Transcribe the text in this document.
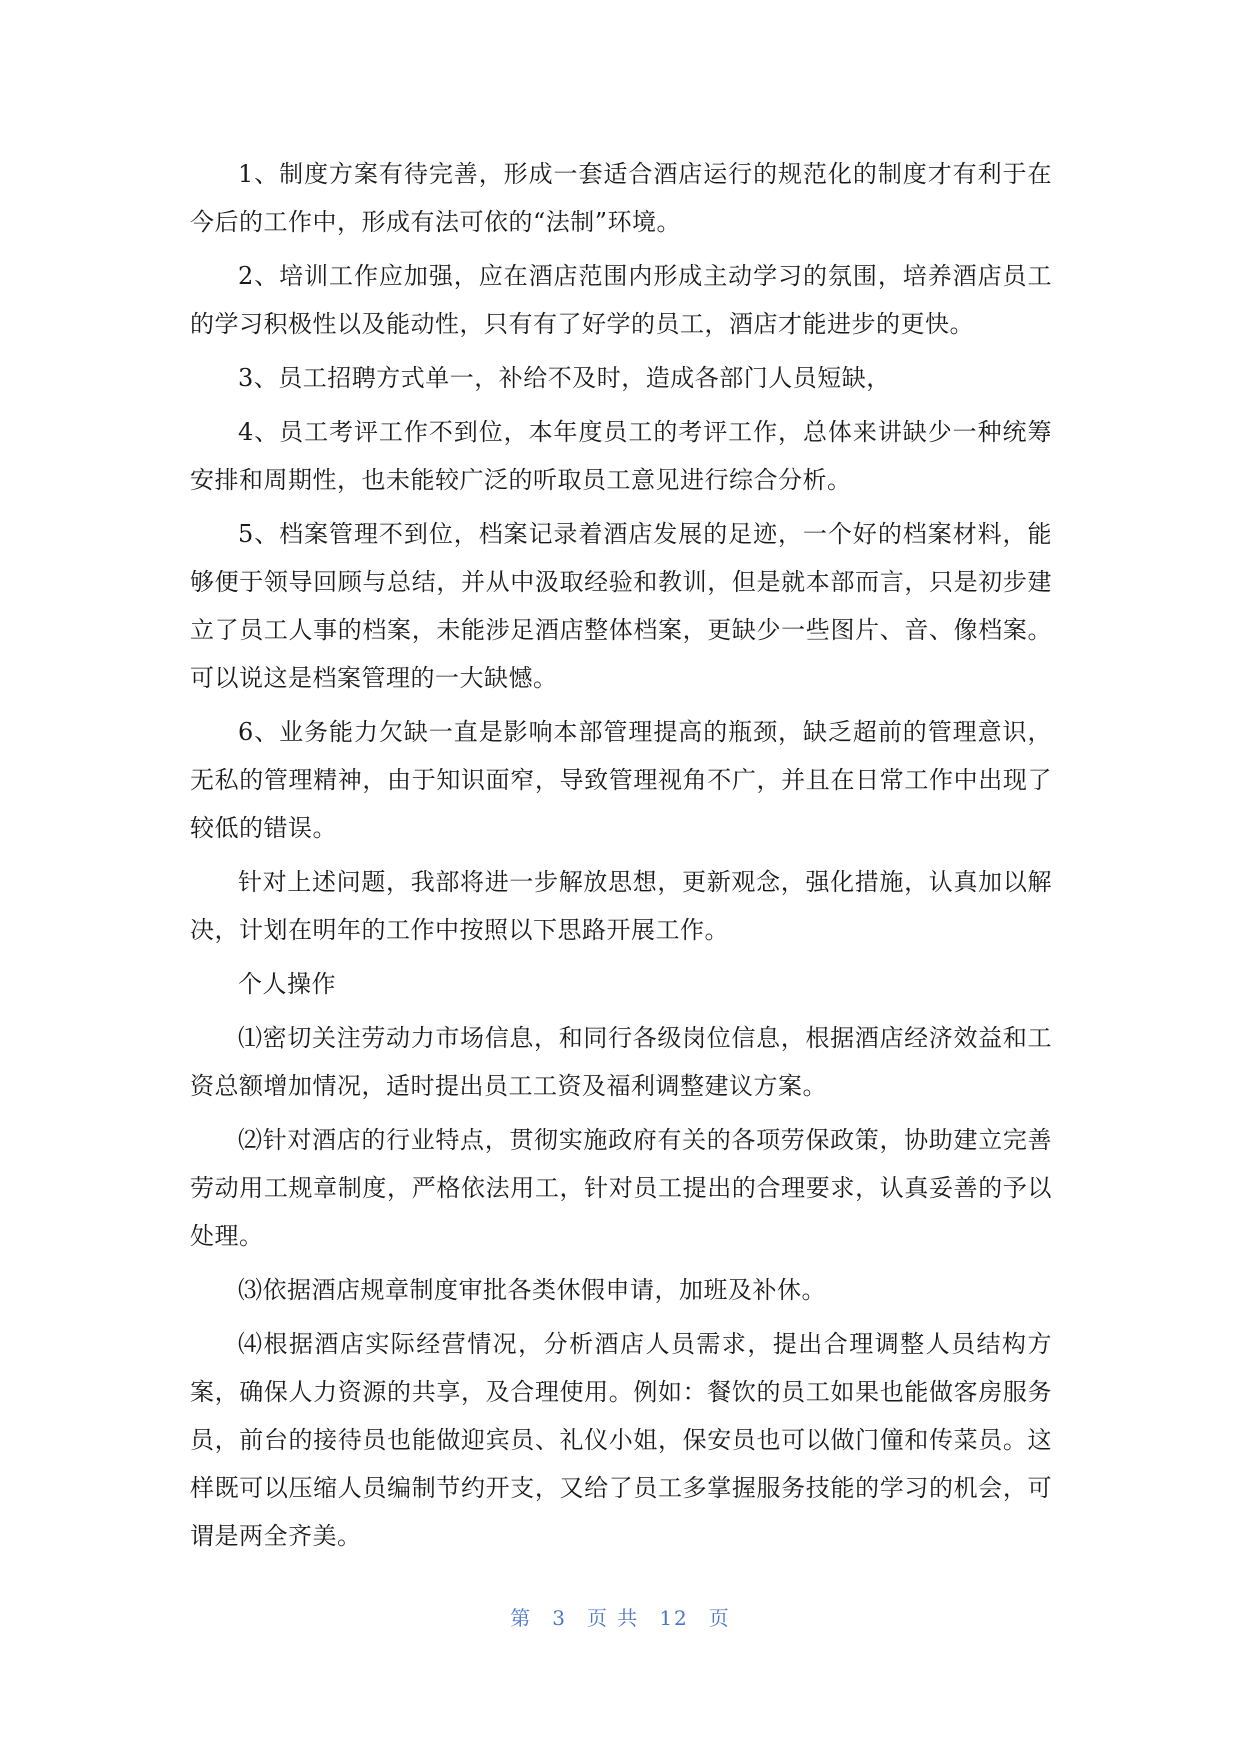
1、制度方案有待完善，形成一套适合酒店运行的规范化的制度才有利于在今后的工作中，形成有法可依的“法制”环境。

2、培训工作应加强，应在酒店范围内形成主动学习的氛围，培养酒店员工的学习积极性以及能动性，只有有了好学的员工，酒店才能进步的更快。

3、员工招聘方式单一，补给不及时，造成各部门人员短缺，

4、员工考评工作不到位，本年度员工的考评工作，总体来讲缺少一种统筹安排和周期性，也未能较广泛的听取员工意见进行综合分析。

5、档案管理不到位，档案记录着酒店发展的足迹，一个好的档案材料，能够便于领导回顾与总结，并从中汲取经验和教训，但是就本部而言，只是初步建立了员工人事的档案，未能涉足酒店整体档案，更缺少一些图片、音、像档案。可以说这是档案管理的一大缺憾。

6、业务能力欠缺一直是影响本部管理提高的瓶颈，缺乏超前的管理意识，无私的管理精神，由于知识面窄，导致管理视角不广，并且在日常工作中出现了较低的错误。

针对上述问题，我部将进一步解放思想，更新观念，强化措施，认真加以解决，计划在明年的工作中按照以下思路开展工作。

个人操作

⑴密切关注劳动力市场信息，和同行各级岗位信息，根据酒店经济效益和工资总额增加情况，适时提出员工工资及福利调整建议方案。

⑵针对酒店的行业特点，贯彻实施政府有关的各项劳保政策，协助建立完善劳动用工规章制度，严格依法用工，针对员工提出的合理要求，认真妥善的予以处理。

⑶依据酒店规章制度审批各类休假申请，加班及补休。

⑷根据酒店实际经营情况，分析酒店人员需求，提出合理调整人员结构方案，确保人力资源的共享，及合理使用。例如：餐饮的员工如果也能做客房服务员，前台的接待员也能做迎宾员、礼仪小姐，保安员也可以做门僮和传菜员。这样既可以压缩人员编制节约开支，又给了员工多掌握服务技能的学习的机会，可谓是两全齐美。

第 3 页 共 12 页
